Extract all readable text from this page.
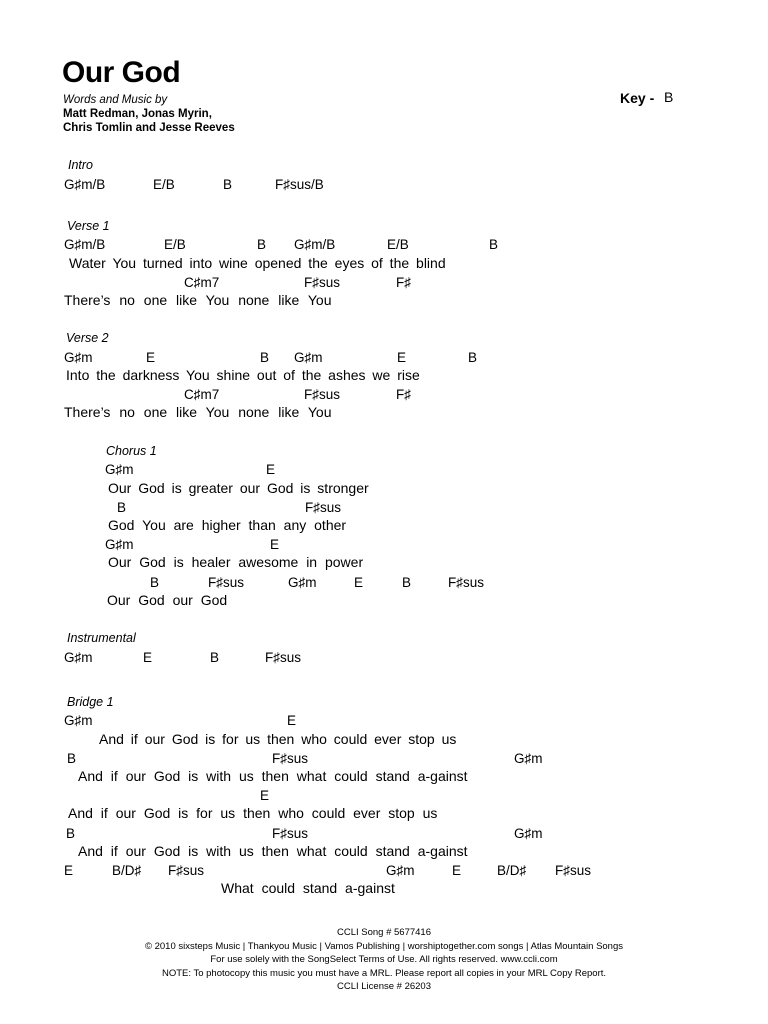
Our God
Words and Music by
Matt Redman, Jonas Myrin,
Chris Tomlin and Jesse Reeves
Key - B
Intro
G♯m/B	E/B	B	F♯sus/B
Verse 1
G♯m/B	E/B	B G♯m/B	E/B	B
Water You turned into wine opened the eyes of the blind
C♯m7	F♯sus	F♯
There’s no one like You none like You
Verse 2
G♯m	E	B G♯m	E	B
Into the darkness You shine out of the ashes we rise
C♯m7	F♯sus	F♯
There’s no one like You none like You
Chorus 1
G♯m	E
Our God is greater our God is stronger
B	F♯sus
God You are higher than any other
G♯m	E
Our God is healer awesome in power
B	F♯sus	G♯m	E	B	F♯sus
Our God our God
Instrumental
G♯m	E	B	F♯sus
Bridge 1
G♯m	E
And if our God is for us then who could ever stop us
B	F♯sus	G♯m
And if our God is with us then what could stand a-gainst
E
And if our God is for us then who could ever stop us
B	F♯sus	G♯m
And if our God is with us then what could stand a-gainst
E	B/D♯ F♯sus	G♯m	E	B/D♯ F♯sus
What could stand a-gainst
CCLI Song # 5677416
© 2010 sixsteps Music | Thankyou Music | Vamos Publishing | worshiptogether.com songs | Atlas Mountain Songs
For use solely with the SongSelect Terms of Use. All rights reserved. www.ccli.com
NOTE: To photocopy this music you must have a MRL. Please report all copies in your MRL Copy Report.
CCLI License # 26203
